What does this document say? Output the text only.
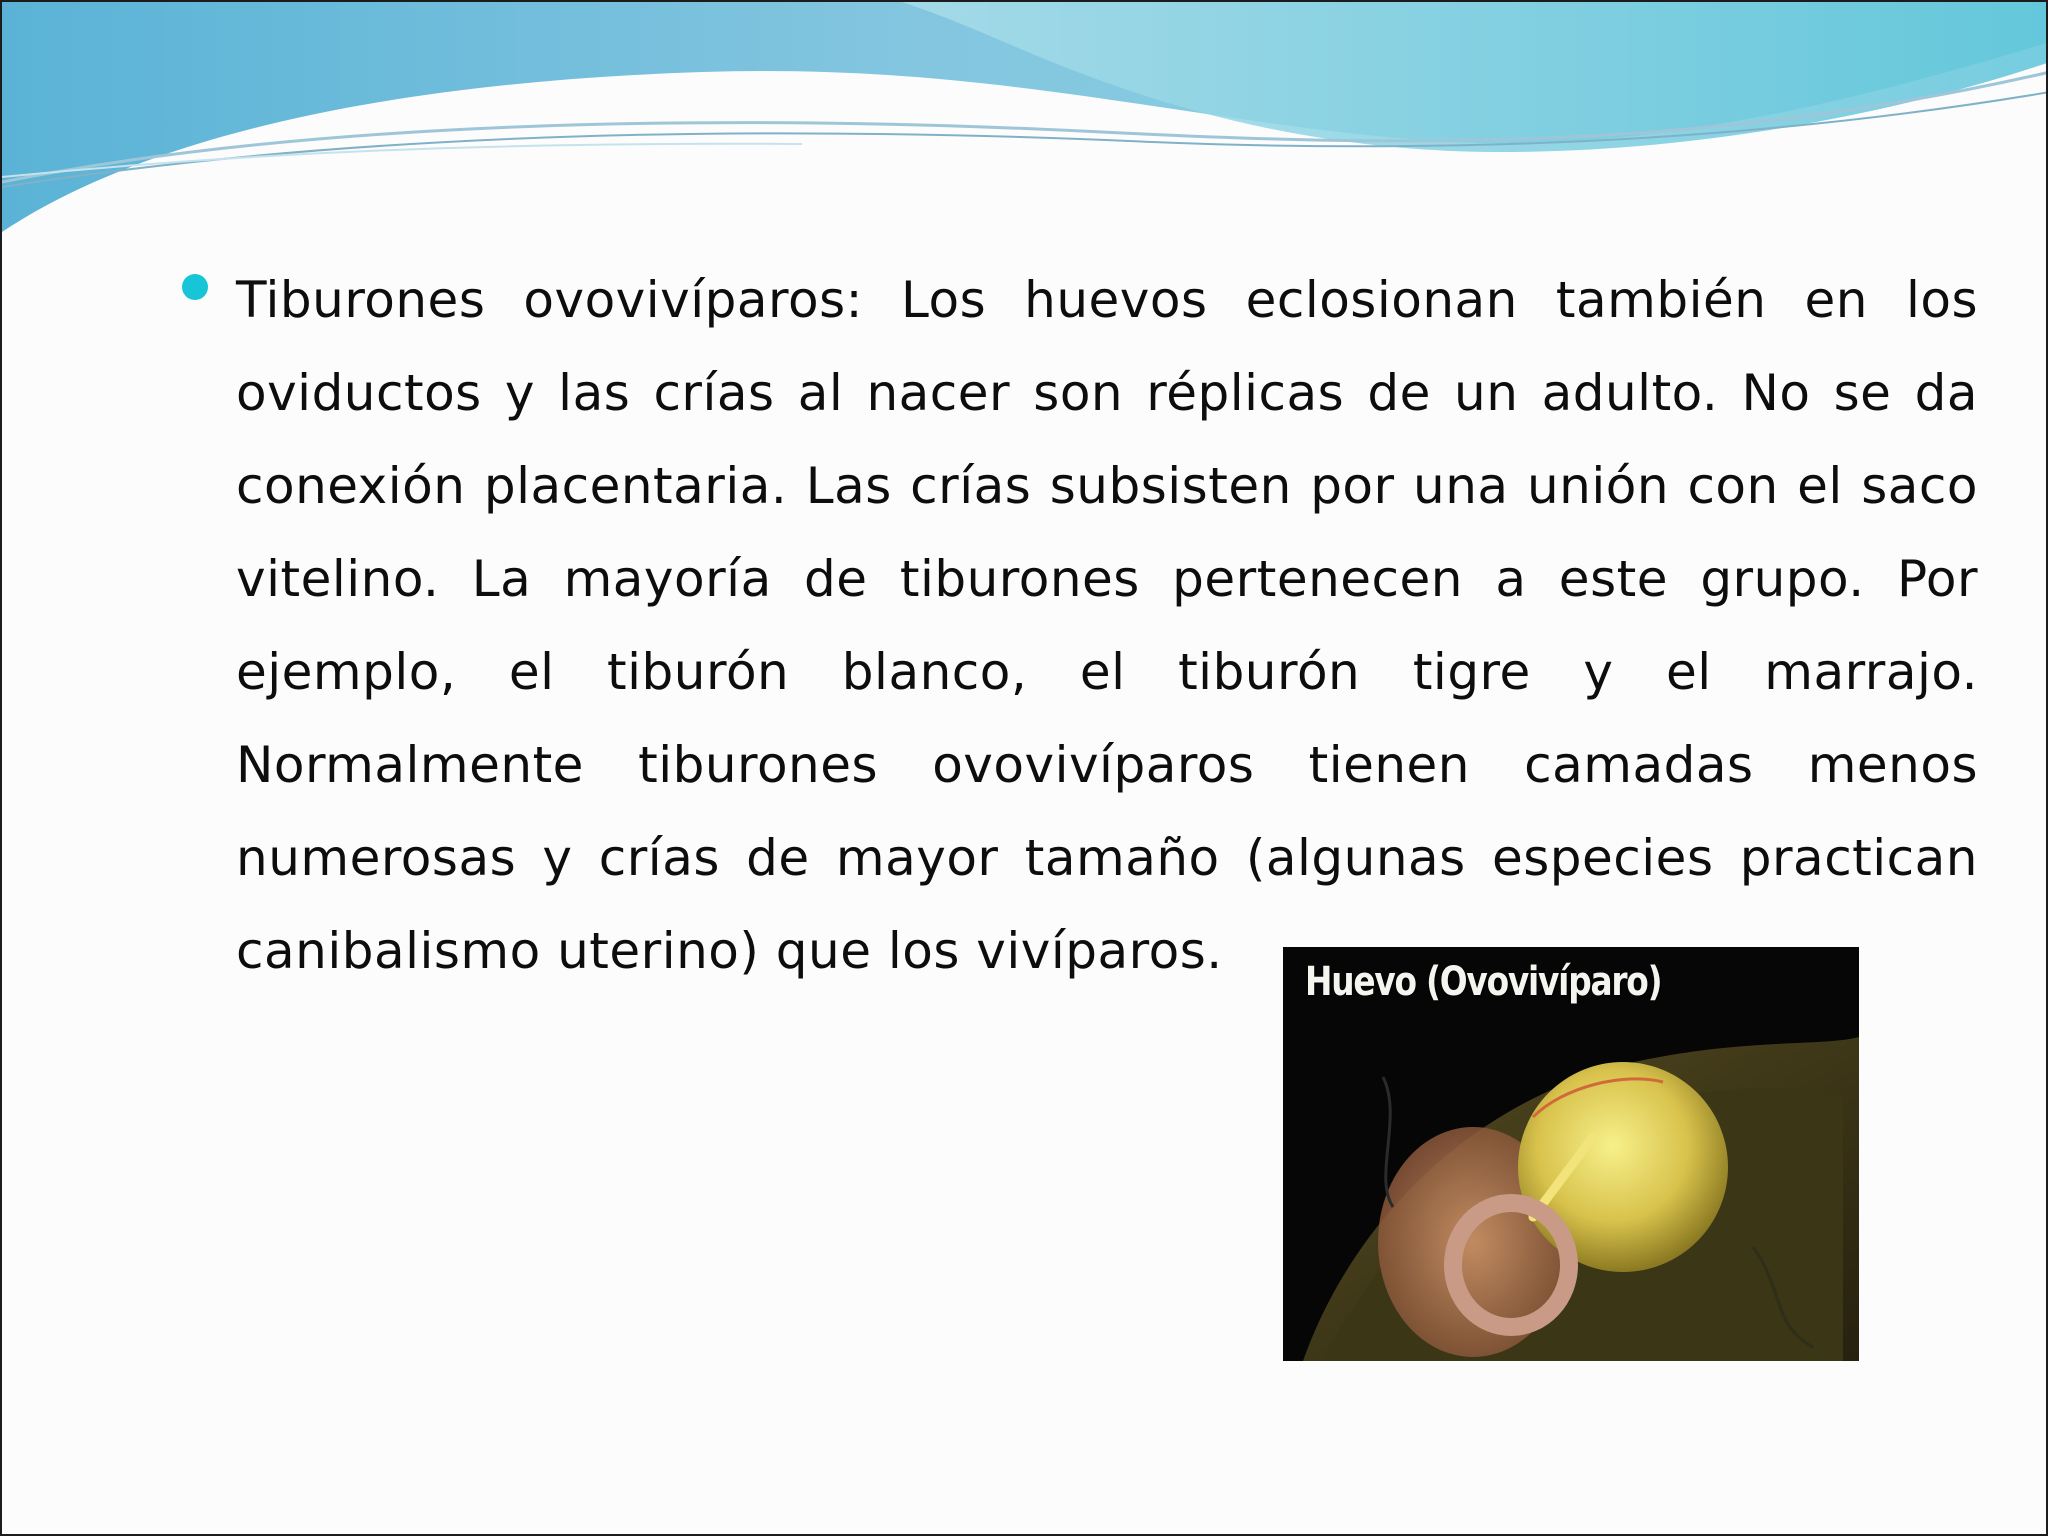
Tiburones ovovivíparos: Los huevos eclosionan también en los oviductos y las crías al nacer son réplicas de un adulto. No se da conexión placentaria. Las crías subsisten por una unión con el saco vitelino. La mayoría de tiburones pertenecen a este grupo. Por ejemplo, el tiburón blanco, el tiburón tigre y el marrajo. Normalmente tiburones ovovivíparos tienen camadas menos numerosas y crías de mayor tamaño (algunas especies practican canibalismo uterino) que los vivíparos.

Huevo (Ovovivíparo)
